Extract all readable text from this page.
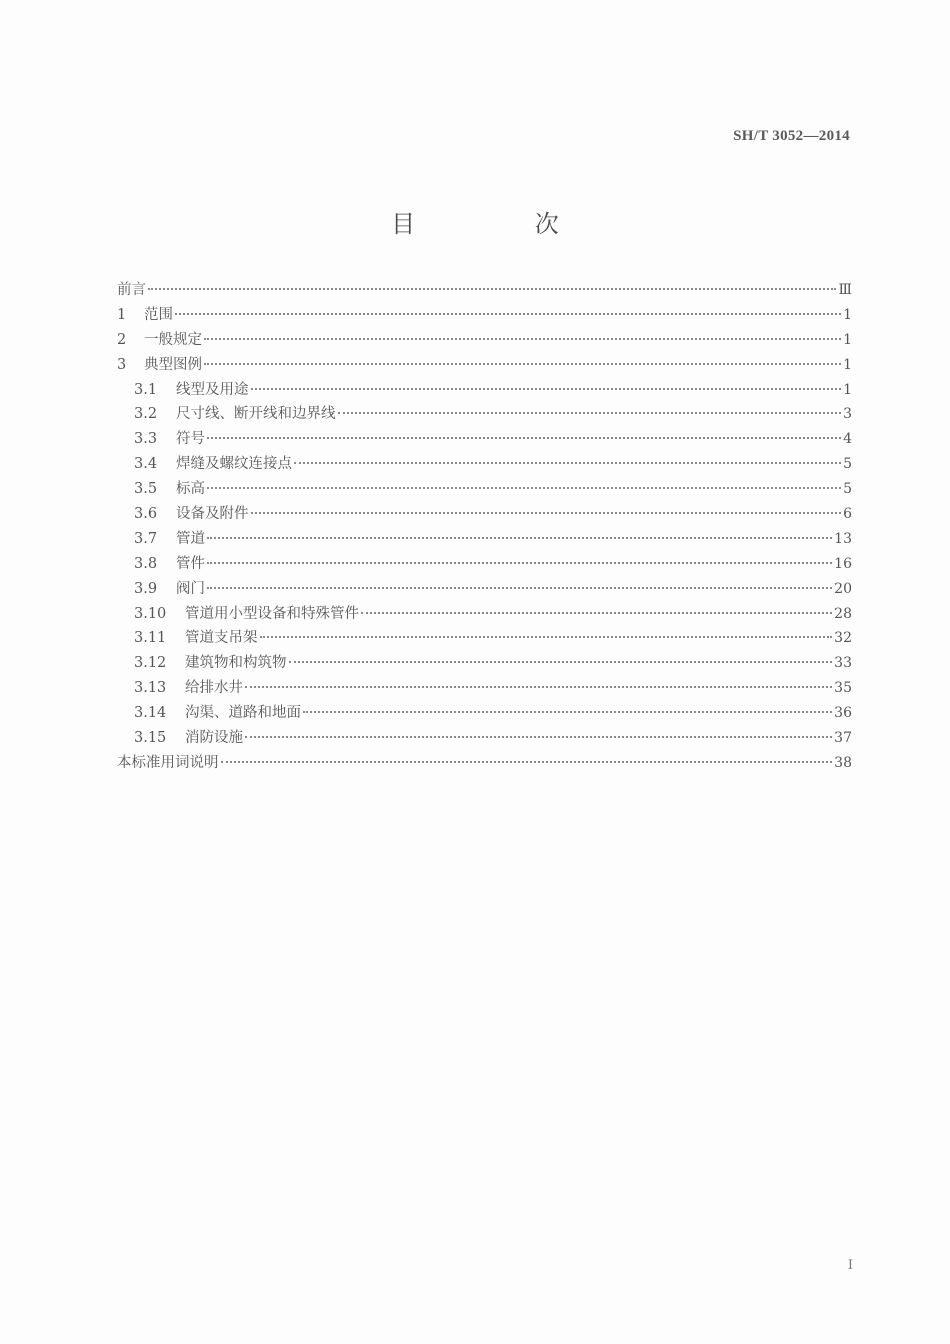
SH/T 3052—2014
目 次
前言	Ⅲ
1	范围	1
2	一般规定	1
3	典型图例	1
3.1	线型及用途	1
3.2	尺寸线、断开线和边界线	3
3.3	符号	4
3.4	焊缝及螺纹连接点	5
3.5	标高	5
3.6	设备及附件	6
3.7	管道	13
3.8	管件	16
3.9	阀门	20
3.10	管道用小型设备和特殊管件	28
3.11	管道支吊架	32
3.12	建筑物和构筑物	33
3.13	给排水井	35
3.14	沟渠、道路和地面	36
3.15	消防设施	37
本标准用词说明	38
I
